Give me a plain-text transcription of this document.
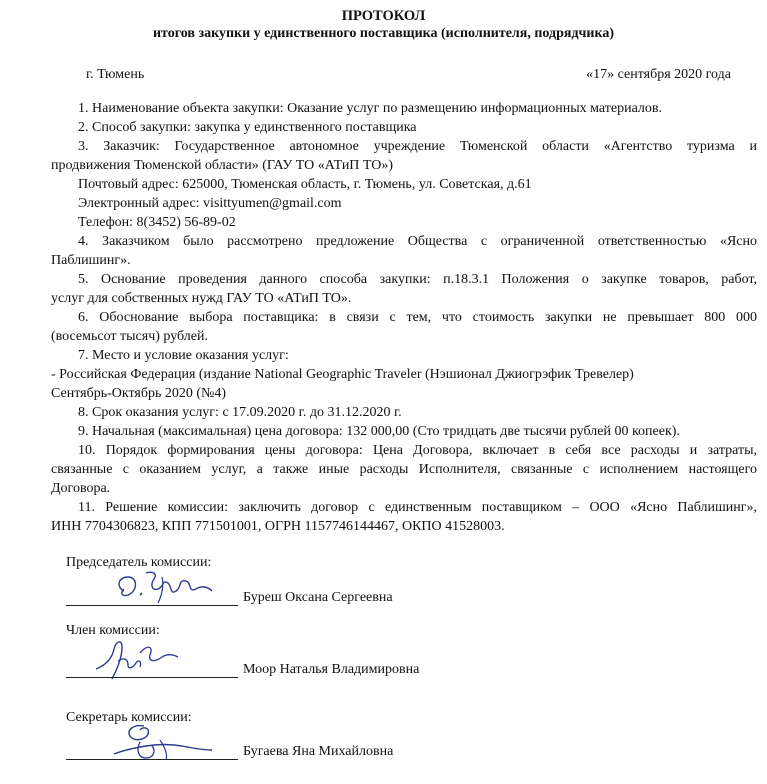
ПРОТОКОЛ
итогов закупки у единственного поставщика (исполнителя, подрядчика)
г. Тюмень	«17» сентября 2020 года

1. Наименование объекта закупки: Оказание услуг по размещению информационных материалов.

2. Способ закупки: закупка у единственного поставщика

3. Заказчик: Государственное автономное учреждение Тюменской области «Агентство туризма и

продвижения Тюменской области» (ГАУ ТО «АТиП ТО»)

Почтовый адрес: 625000, Тюменская область, г. Тюмень, ул. Советская, д.61

Электронный адрес: visittyumen@gmail.com

Телефон: 8(3452) 56-89-02

4. Заказчиком было рассмотрено предложение Общества с ограниченной ответственностью «Ясно

Паблишинг».

5. Основание проведения данного способа закупки: п.18.3.1 Положения о закупке товаров, работ,

услуг для собственных нужд ГАУ ТО «АТиП ТО».

6. Обоснование выбора поставщика: в связи с тем, что стоимость закупки не превышает 800 000

(восемьсот тысяч) рублей.

7. Место и условие оказания услуг:

- Российская Федерация (издание National Geographic Traveler (Нэшионал Джиогрэфик Тревелер)

Сентябрь-Октябрь 2020 (№4)

8. Срок оказания услуг: с 17.09.2020 г. до 31.12.2020 г.

9. Начальная (максимальная) цена договора: 132 000,00 (Сто тридцать две тысячи рублей 00 копеек).

10. Порядок формирования цены договора: Цена Договора, включает в себя все расходы и затраты,

связанные с оказанием услуг, а также иные расходы Исполнителя, связанные с исполнением настоящего

Договора.

11. Решение комиссии: заключить договор с единственным поставщиком – ООО «Ясно Паблишинг»,

ИНН 7704306823, КПП 771501001, ОГРН 1157746144467, ОКПО 41528003.

Председатель комиссии:
Буреш Оксана Сергеевна
Член комиссии:
Моор Наталья Владимировна
Секретарь комиссии:
Бугаева Яна Михайловна
